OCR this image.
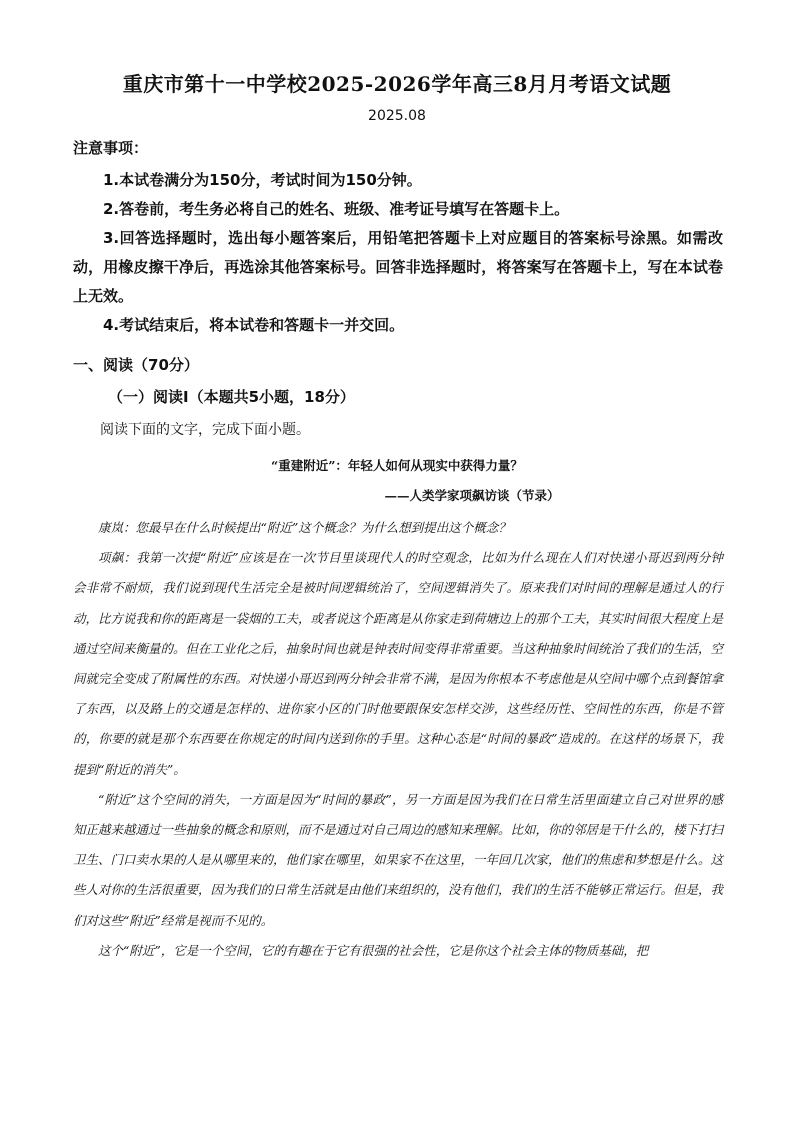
重庆市第十一中学校2025-2026学年高三8月月考语文试题
2025.08
注意事项：

1.本试卷满分为150分，考试时间为150分钟。

2.答卷前，考生务必将自己的姓名、班级、准考证号填写在答题卡上。

3.回答选择题时，选出每小题答案后，用铅笔把答题卡上对应题目的答案标号涂黑。如需改动，用橡皮擦干净后，再选涂其他答案标号。回答非选择题时，将答案写在答题卡上，写在本试卷上无效。

4.考试结束后，将本试卷和答题卡一并交回。

一、阅读（70分）
（一）阅读Ⅰ（本题共5小题，18分）
阅读下面的文字，完成下面小题。
“重建附近”：年轻人如何从现实中获得力量？
——人类学家项飙访谈（节录）

康岚：您最早在什么时候提出“附近”这个概念？为什么想到提出这个概念？

项飙：我第一次提“附近”应该是在一次节目里谈现代人的时空观念，比如为什么现在人们对快递小哥迟到两分钟会非常不耐烦，我们说到现代生活完全是被时间逻辑统治了，空间逻辑消失了。原来我们对时间的理解是通过人的行动，比方说我和你的距离是一袋烟的工夫，或者说这个距离是从你家走到荷塘边上的那个工夫，其实时间很大程度上是通过空间来衡量的。但在工业化之后，抽象时间也就是钟表时间变得非常重要。当这种抽象时间统治了我们的生活，空间就完全变成了附属性的东西。对快递小哥迟到两分钟会非常不满，是因为你根本不考虑他是从空间中哪个点到餐馆拿了东西，以及路上的交通是怎样的、进你家小区的门时他要跟保安怎样交涉，这些经历性、空间性的东西，你是不管的，你要的就是那个东西要在你规定的时间内送到你的手里。这种心态是“时间的暴政”造成的。在这样的场景下，我提到“附近的消失”。

“附近”这个空间的消失，一方面是因为“时间的暴政”，另一方面是因为我们在日常生活里面建立自己对世界的感知正越来越通过一些抽象的概念和原则，而不是通过对自己周边的感知来理解。比如，你的邻居是干什么的，楼下打扫卫生、门口卖水果的人是从哪里来的，他们家在哪里，如果家不在这里，一年回几次家，他们的焦虑和梦想是什么。这些人对你的生活很重要，因为我们的日常生活就是由他们来组织的，没有他们，我们的生活不能够正常运行。但是，我们对这些“附近”经常是视而不见的。

这个“附近”，它是一个空间，它的有趣在于它有很强的社会性，它是你这个社会主体的物质基础，把
